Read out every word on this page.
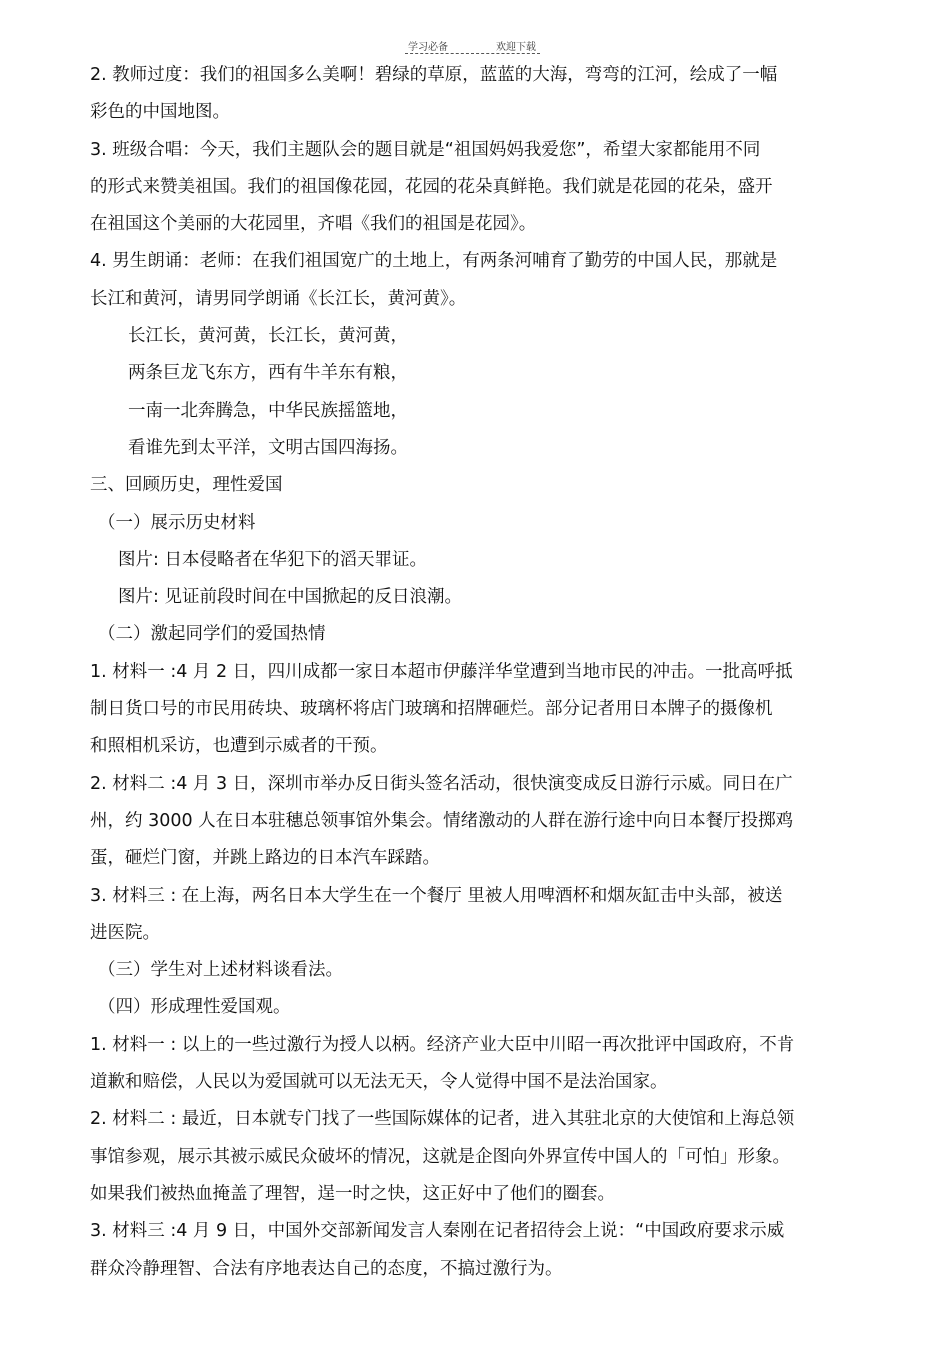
学习必备	欢迎下载
2. 教师过度：我们的祖国多么美啊！碧绿的草原，蓝蓝的大海，弯弯的江河，绘成了一幅
彩色的中国地图。
3. 班级合唱：今天，我们主题队会的题目就是“祖国妈妈我爱您”，希望大家都能用不同
的形式来赞美祖国。我们的祖国像花园，花园的花朵真鲜艳。我们就是花园的花朵，盛开
在祖国这个美丽的大花园里，齐唱《我们的祖国是花园》。
4. 男生朗诵：老师：在我们祖国宽广的土地上，有两条河哺育了勤劳的中国人民，那就是
长江和黄河，请男同学朗诵《长江长，黄河黄》。
长江长，黄河黄，长江长，黄河黄，
两条巨龙飞东方，西有牛羊东有粮，
一南一北奔腾急，中华民族摇篮地，
看谁先到太平洋，文明古国四海扬。
三、回顾历史，理性爱国
（一）展示历史材料
图片: 日本侵略者在华犯下的滔天罪证。
图片: 见证前段时间在中国掀起的反日浪潮。
（二）激起同学们的爱国热情
1. 材料一 :4 月 2 日，四川成都一家日本超市伊藤洋华堂遭到当地市民的冲击。一批高呼抵
制日货口号的市民用砖块、玻璃杯将店门玻璃和招牌砸烂。部分记者用日本牌子的摄像机
和照相机采访，也遭到示威者的干预。
2. 材料二 :4 月 3 日，深圳市举办反日街头签名活动，很快演变成反日游行示威。同日在广
州，约 3000 人在日本驻穗总领事馆外集会。情绪激动的人群在游行途中向日本餐厅投掷鸡
蛋，砸烂门窗，并跳上路边的日本汽车踩踏。
3. 材料三 : 在上海，两名日本大学生在一个餐厅 里被人用啤酒杯和烟灰缸击中头部，被送
进医院。
（三）学生对上述材料谈看法。
（四）形成理性爱国观。
1. 材料一 : 以上的一些过激行为授人以柄。经济产业大臣中川昭一再次批评中国政府，不肯
道歉和赔偿，人民以为爱国就可以无法无天，令人觉得中国不是法治国家。
2. 材料二 : 最近，日本就专门找了一些国际媒体的记者，进入其驻北京的大使馆和上海总领
事馆参观，展示其被示威民众破坏的情况，这就是企图向外界宣传中国人的「可怕」形象。
如果我们被热血掩盖了理智，逞一时之快，这正好中了他们的圈套。
3. 材料三 :4 月 9 日，中国外交部新闻发言人秦刚在记者招待会上说：“中国政府要求示威
群众冷静理智、合法有序地表达自己的态度，不搞过激行为。
